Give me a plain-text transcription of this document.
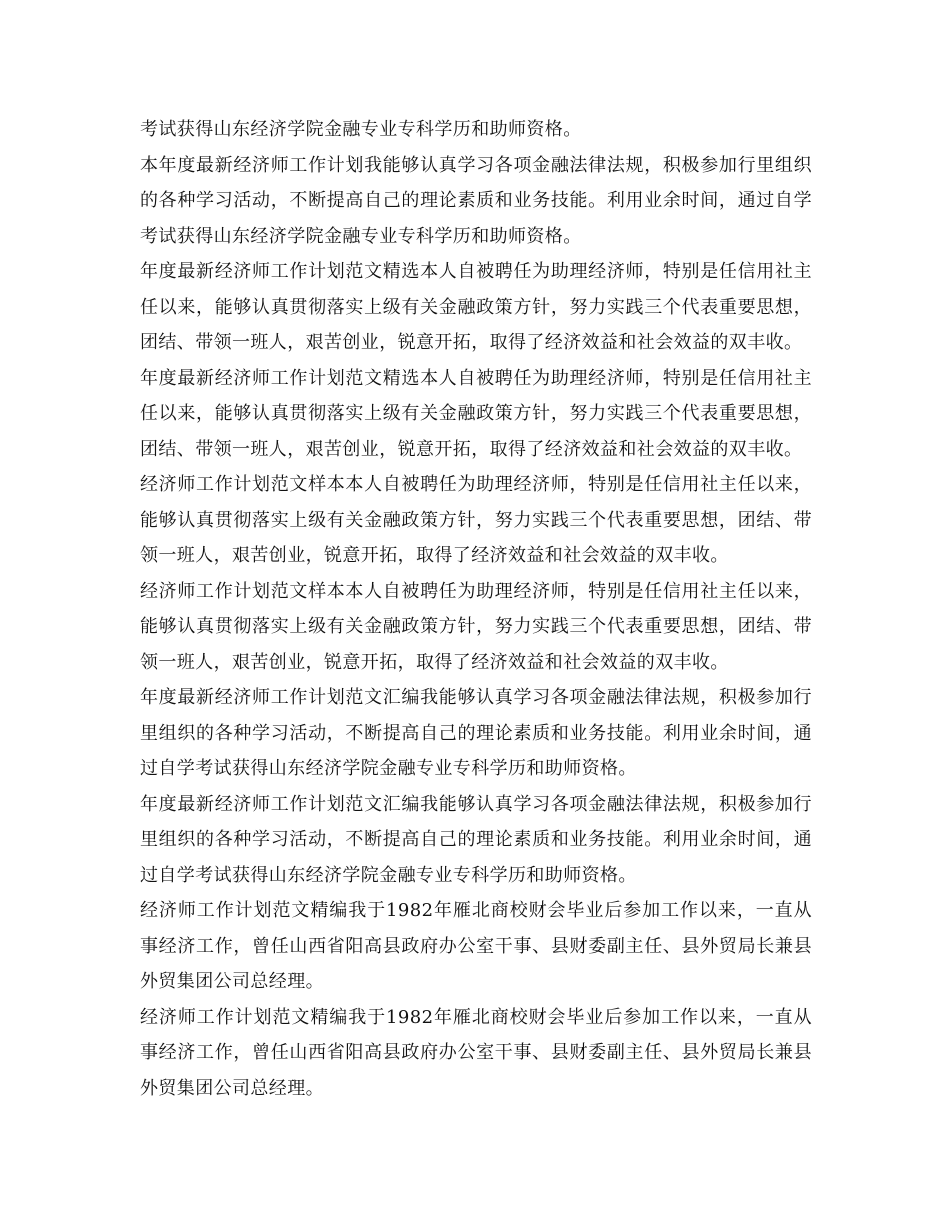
考试获得山东经济学院金融专业专科学历和助师资格。

本年度最新经济师工作计划我能够认真学习各项金融法律法规，积极参加行里组织的各种学习活动，不断提高自己的理论素质和业务技能。利用业余时间，通过自学考试获得山东经济学院金融专业专科学历和助师资格。

年度最新经济师工作计划范文精选本人自被聘任为助理经济师，特别是任信用社主任以来，能够认真贯彻落实上级有关金融政策方针，努力实践三个代表重要思想，团结、带领一班人，艰苦创业，锐意开拓，取得了经济效益和社会效益的双丰收。

年度最新经济师工作计划范文精选本人自被聘任为助理经济师，特别是任信用社主任以来，能够认真贯彻落实上级有关金融政策方针，努力实践三个代表重要思想，团结、带领一班人，艰苦创业，锐意开拓，取得了经济效益和社会效益的双丰收。

经济师工作计划范文样本本人自被聘任为助理经济师，特别是任信用社主任以来，能够认真贯彻落实上级有关金融政策方针，努力实践三个代表重要思想，团结、带领一班人，艰苦创业，锐意开拓，取得了经济效益和社会效益的双丰收。

经济师工作计划范文样本本人自被聘任为助理经济师，特别是任信用社主任以来，能够认真贯彻落实上级有关金融政策方针，努力实践三个代表重要思想，团结、带领一班人，艰苦创业，锐意开拓，取得了经济效益和社会效益的双丰收。

年度最新经济师工作计划范文汇编我能够认真学习各项金融法律法规，积极参加行里组织的各种学习活动，不断提高自己的理论素质和业务技能。利用业余时间，通过自学考试获得山东经济学院金融专业专科学历和助师资格。

年度最新经济师工作计划范文汇编我能够认真学习各项金融法律法规，积极参加行里组织的各种学习活动，不断提高自己的理论素质和业务技能。利用业余时间，通过自学考试获得山东经济学院金融专业专科学历和助师资格。

经济师工作计划范文精编我于1982年雁北商校财会毕业后参加工作以来，一直从事经济工作，曾任山西省阳高县政府办公室干事、县财委副主任、县外贸局长兼县外贸集团公司总经理。

经济师工作计划范文精编我于1982年雁北商校财会毕业后参加工作以来，一直从事经济工作，曾任山西省阳高县政府办公室干事、县财委副主任、县外贸局长兼县外贸集团公司总经理。
